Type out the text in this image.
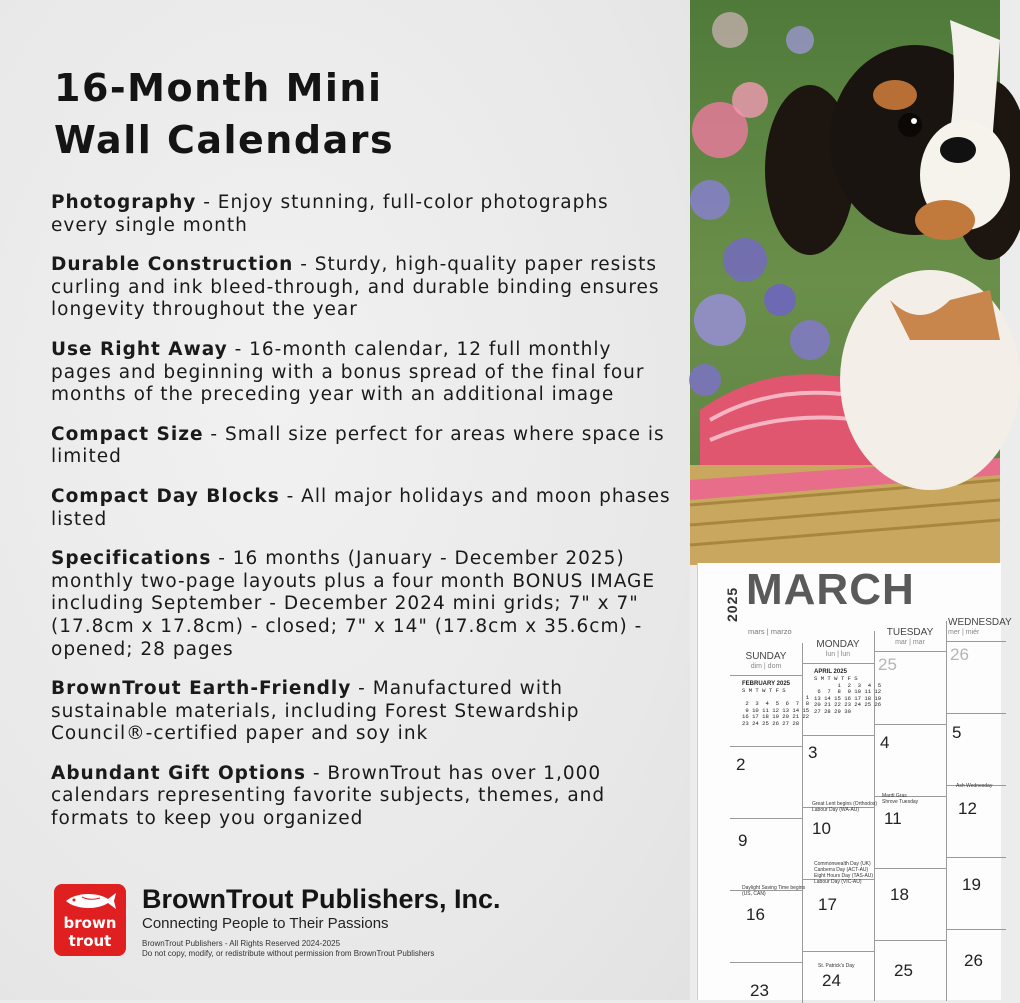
16-Month Mini
Wall Calendars

Photography - Enjoy stunning, full-color photographs every single month

Durable Construction - Sturdy, high-quality paper resists curling and ink bleed-through, and durable binding ensures longevity throughout the year

Use Right Away - 16-month calendar, 12 full monthly pages and beginning with a bonus spread of the final four months of the preceding year with an additional image

Compact Size - Small size perfect for areas where space is limited

Compact Day Blocks - All major holidays and moon phases listed

Specifications - 16 months (January - December 2025) monthly two-page layouts plus a four month BONUS IMAGE including September - December 2024 mini grids; 7" x 7" (17.8cm x 17.8cm) - closed; 7" x 14" (17.8cm x 35.6cm) - opened; 28 pages

BrownTrout Earth-Friendly - Manufactured with sustainable materials, including Forest Stewardship Council®-certified paper and soy ink

Abundant Gift Options - BrownTrout has over 1,000 calendars representing favorite subjects, themes, and formats to keep you organized

brown
trout
BrownTrout Publishers, Inc.
Connecting People to Their Passions
BrownTrout Publishers - All Rights Reserved 2024-2025
Do not copy, modify, or redistribute without permission from BrownTrout Publishers
2025 MARCH
mars | marzo
SUNDAY
dim | dom
MONDAY
lun | lun
TUESDAY
mar | mar
WEDNESDAY
mer | miér
FEBRUARY 2025
S M T W T F S
1
2  3  4  5  6  7  8
9 10 11 12 13 14 15
16 17 18 19 20 21 22
23 24 25 26 27 28
APRIL 2025
S M T W T F S
1  2  3  4  5
6  7  8  9 10 11 12
13 14 15 16 17 18 19
20 21 22 23 24 25 26
27 28 29 30
25
26
2
3
4
5
9
10
11
12
16
17
18
19
23
24
25
26
Mardi Gras
Shrove Tuesday
Ash Wednesday
Great Lent begins (Orthodox)
Labour Day (WA-AU)
Commonwealth Day (UK)
Canberra Day (ACT-AU)
Eight Hours Day (TAS-AU)
Labour Day (VIC-AU)
Daylight Saving Time begins
(US, CAN)
St. Patrick's Day
